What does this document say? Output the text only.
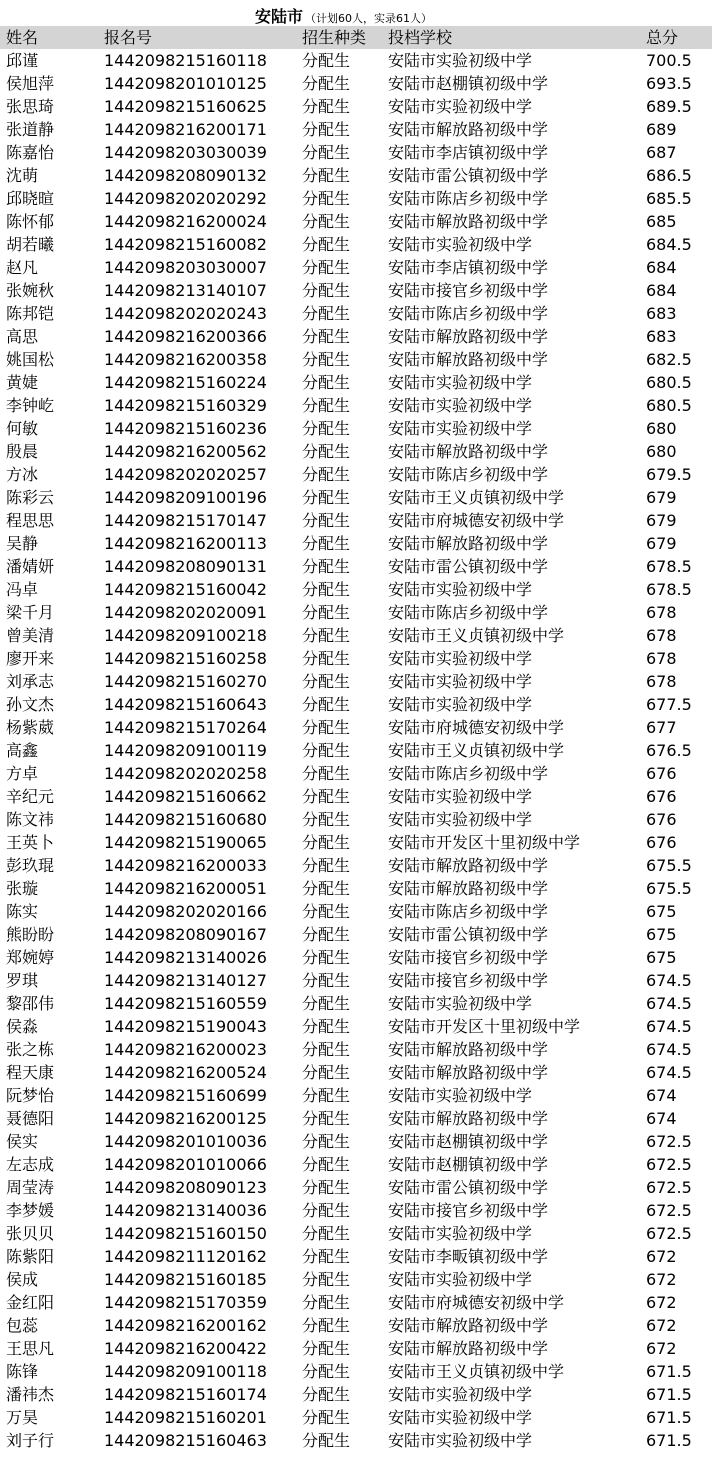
安陆市 （计划60人，实录61人）
姓名	报名号	招生种类	投档学校	总分
邱谨	1442098215160118	分配生	安陆市实验初级中学	700.5
侯旭萍	1442098201010125	分配生	安陆市赵棚镇初级中学	693.5
张思琦	1442098215160625	分配生	安陆市实验初级中学	689.5
张道静	1442098216200171	分配生	安陆市解放路初级中学	689
陈嘉怡	1442098203030039	分配生	安陆市李店镇初级中学	687
沈萌	1442098208090132	分配生	安陆市雷公镇初级中学	686.5
邱晓暄	1442098202020292	分配生	安陆市陈店乡初级中学	685.5
陈怀郁	1442098216200024	分配生	安陆市解放路初级中学	685
胡若曦	1442098215160082	分配生	安陆市实验初级中学	684.5
赵凡	1442098203030007	分配生	安陆市李店镇初级中学	684
张婉秋	1442098213140107	分配生	安陆市接官乡初级中学	684
陈邦铠	1442098202020243	分配生	安陆市陈店乡初级中学	683
高思	1442098216200366	分配生	安陆市解放路初级中学	683
姚国松	1442098216200358	分配生	安陆市解放路初级中学	682.5
黄婕	1442098215160224	分配生	安陆市实验初级中学	680.5
李钟屹	1442098215160329	分配生	安陆市实验初级中学	680.5
何敏	1442098215160236	分配生	安陆市实验初级中学	680
殷晨	1442098216200562	分配生	安陆市解放路初级中学	680
方冰	1442098202020257	分配生	安陆市陈店乡初级中学	679.5
陈彩云	1442098209100196	分配生	安陆市王义贞镇初级中学	679
程思思	1442098215170147	分配生	安陆市府城德安初级中学	679
吴静	1442098216200113	分配生	安陆市解放路初级中学	679
潘婧妍	1442098208090131	分配生	安陆市雷公镇初级中学	678.5
冯卓	1442098215160042	分配生	安陆市实验初级中学	678.5
梁千月	1442098202020091	分配生	安陆市陈店乡初级中学	678
曾美清	1442098209100218	分配生	安陆市王义贞镇初级中学	678
廖开来	1442098215160258	分配生	安陆市实验初级中学	678
刘承志	1442098215160270	分配生	安陆市实验初级中学	678
孙文杰	1442098215160643	分配生	安陆市实验初级中学	677.5
杨紫葳	1442098215170264	分配生	安陆市府城德安初级中学	677
高鑫	1442098209100119	分配生	安陆市王义贞镇初级中学	676.5
方卓	1442098202020258	分配生	安陆市陈店乡初级中学	676
辛纪元	1442098215160662	分配生	安陆市实验初级中学	676
陈文祎	1442098215160680	分配生	安陆市实验初级中学	676
王英卜	1442098215190065	分配生	安陆市开发区十里初级中学	676
彭玖琨	1442098216200033	分配生	安陆市解放路初级中学	675.5
张璇	1442098216200051	分配生	安陆市解放路初级中学	675.5
陈实	1442098202020166	分配生	安陆市陈店乡初级中学	675
熊盼盼	1442098208090167	分配生	安陆市雷公镇初级中学	675
郑婉婷	1442098213140026	分配生	安陆市接官乡初级中学	675
罗琪	1442098213140127	分配生	安陆市接官乡初级中学	674.5
黎邵伟	1442098215160559	分配生	安陆市实验初级中学	674.5
侯淼	1442098215190043	分配生	安陆市开发区十里初级中学	674.5
张之栋	1442098216200023	分配生	安陆市解放路初级中学	674.5
程天康	1442098216200524	分配生	安陆市解放路初级中学	674.5
阮梦怡	1442098215160699	分配生	安陆市实验初级中学	674
聂德阳	1442098216200125	分配生	安陆市解放路初级中学	674
侯实	1442098201010036	分配生	安陆市赵棚镇初级中学	672.5
左志成	1442098201010066	分配生	安陆市赵棚镇初级中学	672.5
周莹涛	1442098208090123	分配生	安陆市雷公镇初级中学	672.5
李梦媛	1442098213140036	分配生	安陆市接官乡初级中学	672.5
张贝贝	1442098215160150	分配生	安陆市实验初级中学	672.5
陈紫阳	1442098211120162	分配生	安陆市李畈镇初级中学	672
侯成	1442098215160185	分配生	安陆市实验初级中学	672
金红阳	1442098215170359	分配生	安陆市府城德安初级中学	672
包蕊	1442098216200162	分配生	安陆市解放路初级中学	672
王思凡	1442098216200422	分配生	安陆市解放路初级中学	672
陈锋	1442098209100118	分配生	安陆市王义贞镇初级中学	671.5
潘祎杰	1442098215160174	分配生	安陆市实验初级中学	671.5
万昊	1442098215160201	分配生	安陆市实验初级中学	671.5
刘子行	1442098215160463	分配生	安陆市实验初级中学	671.5
